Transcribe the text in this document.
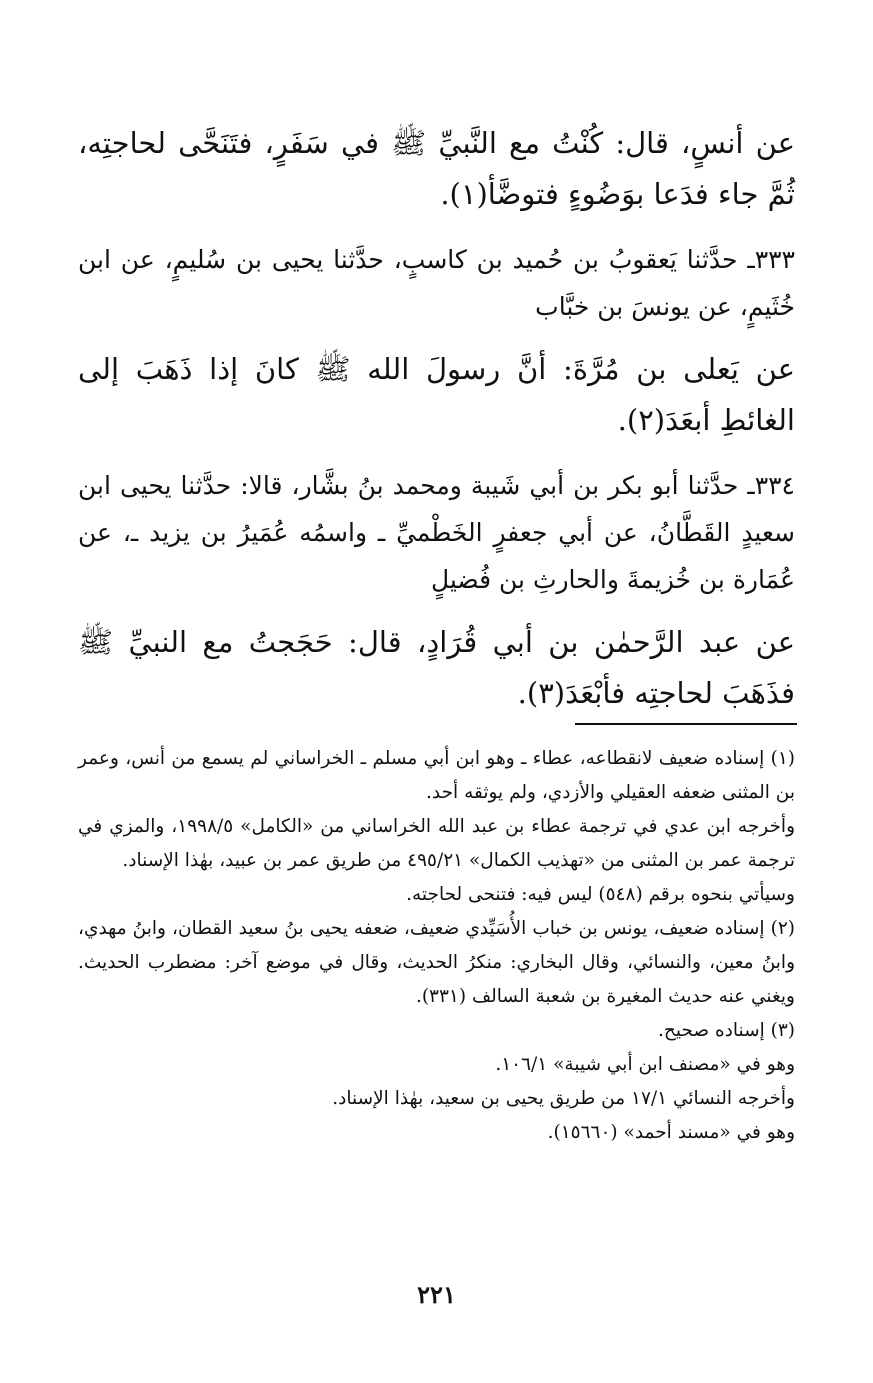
عن أنسٍ، قال: كُنْتُ مع النَّبيِّ ﷺ في سَفَرٍ، فتَنَحَّى لحاجتِه، ثُمَّ جاء فدَعا بوَضُوءٍ فتوضَّأ(١).

٣٣٣ـ حدَّثنا يَعقوبُ بن حُميد بن كاسبٍ، حدَّثنا يحيى بن سُليمٍ، عن ابن خُثَيمٍ، عن يونسَ بن خبَّاب

عن يَعلى بن مُرَّةَ: أنَّ رسولَ الله ﷺ كانَ إذا ذَهَبَ إلى الغائطِ أبعَدَ(٢).

٣٣٤ـ حدَّثنا أبو بكر بن أبي شَيبة ومحمد بنُ بشَّار، قالا: حدَّثنا يحيى ابن سعيدٍ القَطَّانُ، عن أبي جعفرٍ الخَطْميِّ ـ واسمُه عُمَيرُ بن يزيد ـ، عن عُمَارة بن خُزيمةَ والحارثِ بن فُضيلٍ

عن عبد الرَّحمٰن بن أبي قُرَادٍ، قال: حَجَجتُ مع النبيِّ ﷺ فذَهَبَ لحاجتِه فأبْعَدَ(٣).

(١) إسناده ضعيف لانقطاعه، عطاء ـ وهو ابن أبي مسلم ـ الخراساني لم يسمع من أنس، وعمر بن المثنى ضعفه العقيلي والأزدي، ولم يوثقه أحد.

وأخرجه ابن عدي في ترجمة عطاء بن عبد الله الخراساني من «الكامل» ١٩٩٨/٥، والمزي في ترجمة عمر بن المثنى من «تهذيب الكمال» ٤٩٥/٢١ من طريق عمر بن عبيد، بهٰذا الإسناد.

وسيأتي بنحوه برقم (٥٤٨) ليس فيه: فتنحى لحاجته.

(٢) إسناده ضعيف، يونس بن خباب الأُسَيِّدي ضعيف، ضعفه يحيى بنُ سعيد القطان، وابنُ مهدي، وابنُ معين، والنسائي، وقال البخاري: منكرُ الحديث، وقال في موضع آخر: مضطرب الحديث. ويغني عنه حديث المغيرة بن شعبة السالف (٣٣١).

(٣) إسناده صحيح.

وهو في «مصنف ابن أبي شيبة» ١٠٦/١.

وأخرجه النسائي ١٧/١ من طريق يحيى بن سعيد، بهٰذا الإسناد.

وهو في «مسند أحمد» (١٥٦٦٠).

٢٢١
